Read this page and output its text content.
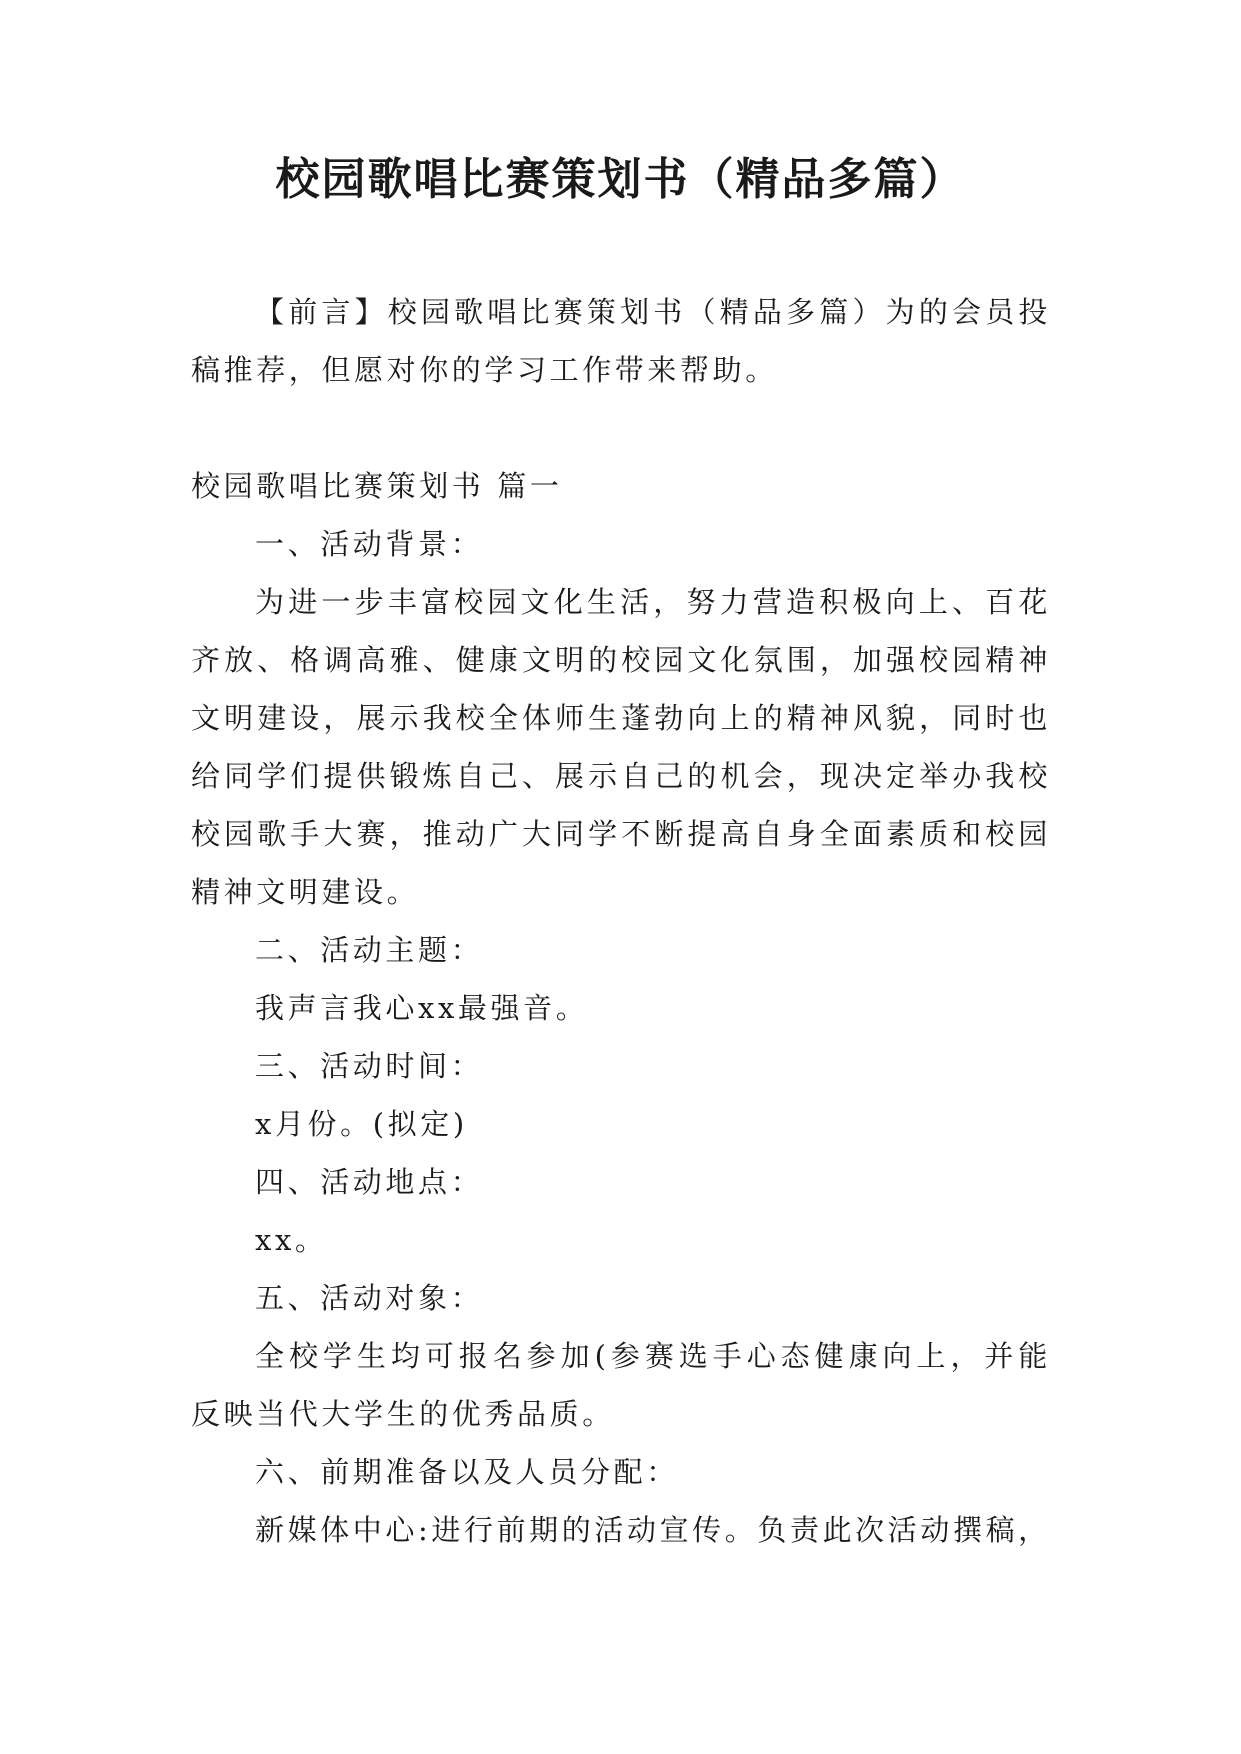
校园歌唱比赛策划书（精品多篇）

【前言】校园歌唱比赛策划书（精品多篇）为的会员投稿推荐，但愿对你的学习工作带来帮助。

校园歌唱比赛策划书 篇一

一、活动背景：

为进一步丰富校园文化生活，努力营造积极向上、百花齐放、格调高雅、健康文明的校园文化氛围，加强校园精神文明建设，展示我校全体师生蓬勃向上的精神风貌，同时也给同学们提供锻炼自己、展示自己的机会，现决定举办我校校园歌手大赛，推动广大同学不断提高自身全面素质和校园精神文明建设。

二、活动主题：

我声言我心xx最强音。

三、活动时间：

x月份。(拟定)

四、活动地点：

xx。

五、活动对象：

全校学生均可报名参加(参赛选手心态健康向上，并能反映当代大学生的优秀品质。

六、前期准备以及人员分配：

新媒体中心:进行前期的活动宣传。负责此次活动撰稿，
